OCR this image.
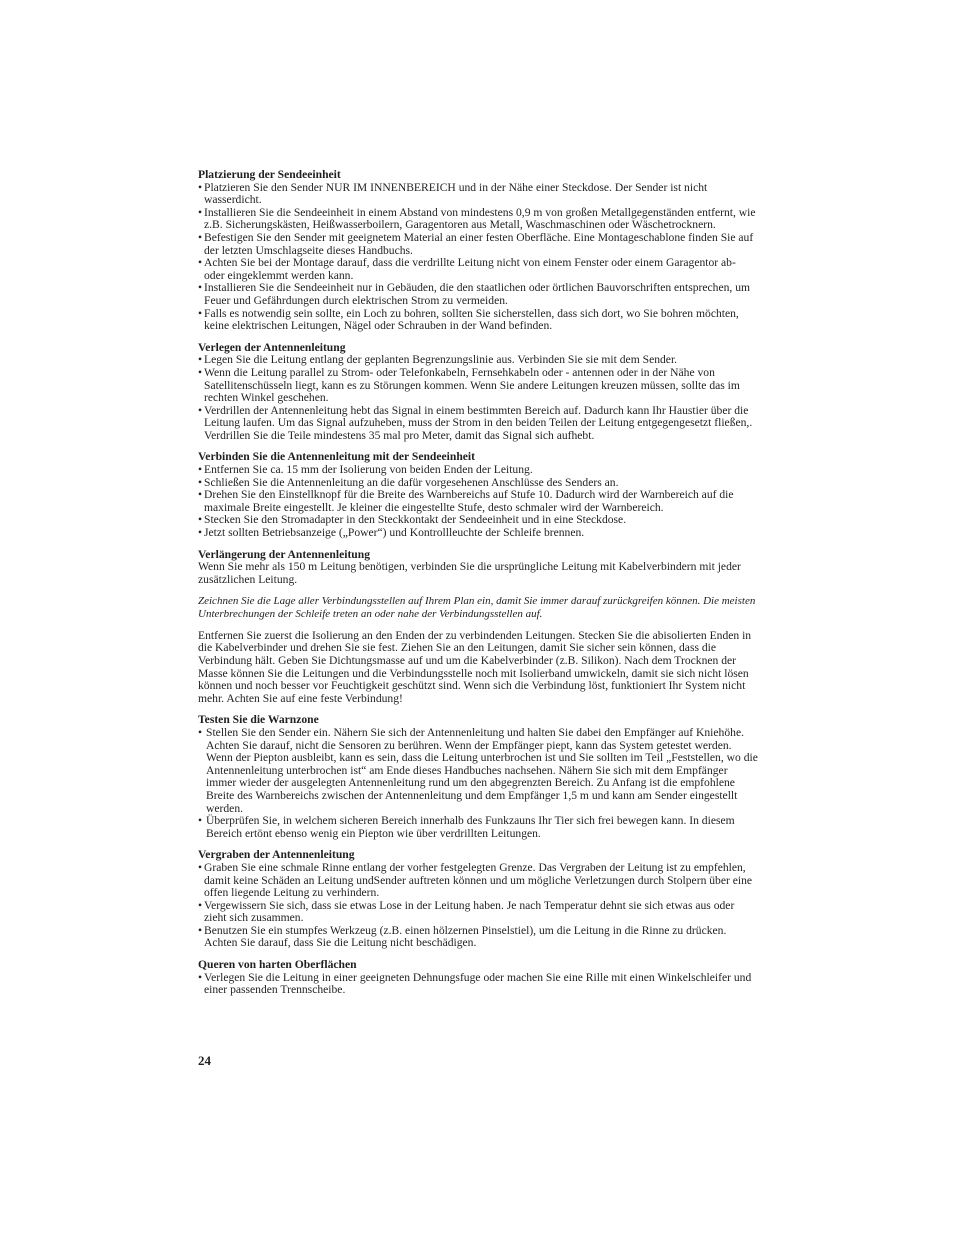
Platzierung der Sendeeinheit
• Platzieren Sie den Sender NUR IM INNENBEREICH und in der Nähe einer Steckdose. Der Sender ist nicht wasserdicht.
• Installieren Sie die Sendeeinheit in einem Abstand von mindestens 0,9 m von großen Metallgegenständen entfernt, wie z.B. Sicherungskästen, Heißwasserboilern, Garagentoren aus Metall, Waschmaschinen oder Wäschetrocknern.
• Befestigen Sie den Sender mit geeignetem Material an einer festen Oberfläche. Eine Montageschablone finden Sie auf der letzten Umschlagseite dieses Handbuchs.
• Achten Sie bei der Montage darauf, dass die verdrillte Leitung nicht von einem Fenster oder einem Garagentor ab- oder eingeklemmt werden kann.
• Installieren Sie die Sendeeinheit nur in Gebäuden, die den staatlichen oder örtlichen Bauvorschriften entsprechen, um Feuer und Gefährdungen durch elektrischen Strom zu vermeiden.
• Falls es notwendig sein sollte, ein Loch zu bohren, sollten Sie sicherstellen, dass sich dort, wo Sie bohren möchten, keine elektrischen Leitungen, Nägel oder Schrauben in der Wand befinden.
Verlegen der Antennenleitung
• Legen Sie die Leitung entlang der geplanten Begrenzungslinie aus. Verbinden Sie sie mit dem Sender.
• Wenn die Leitung parallel zu Strom- oder Telefonkabeln, Fernsehkabeln oder - antennen oder in der Nähe von Satellitenschüsseln liegt, kann es zu Störungen kommen. Wenn Sie andere Leitungen kreuzen müssen, sollte das im rechten Winkel geschehen.
• Verdrillen der Antennenleitung hebt das Signal in einem bestimmten Bereich auf. Dadurch kann Ihr Haustier über die Leitung laufen. Um das Signal aufzuheben, muss der Strom in den beiden Teilen der Leitung entgegengesetzt fließen,. Verdrillen Sie die Teile mindestens 35 mal pro Meter, damit das Signal sich aufhebt.
Verbinden Sie die Antennenleitung mit der Sendeeinheit
• Entfernen Sie ca. 15 mm der Isolierung von beiden Enden der Leitung.
• Schließen Sie die Antennenleitung an die dafür vorgesehenen Anschlüsse des Senders an.
• Drehen Sie den Einstellknopf für die Breite des Warnbereichs auf Stufe 10. Dadurch wird der Warnbereich auf die maximale Breite eingestellt. Je kleiner die eingestellte Stufe, desto schmaler wird der Warnbereich.
• Stecken Sie den Stromadapter in den Steckkontakt der Sendeeinheit und in eine Steckdose.
• Jetzt sollten Betriebsanzeige („Power“) und Kontrollleuchte der Schleife brennen.
Verlängerung der Antennenleitung

Wenn Sie mehr als 150 m Leitung benötigen, verbinden Sie die ursprüngliche Leitung mit Kabelverbindern mit jeder zusätzlichen Leitung.

Zeichnen Sie die Lage aller Verbindungsstellen auf Ihrem Plan ein, damit Sie immer darauf zurückgreifen können. Die meisten Unterbrechungen der Schleife treten an oder nahe der Verbindungsstellen auf.

Entfernen Sie zuerst die Isolierung an den Enden der zu verbindenden Leitungen. Stecken Sie die abisolierten Enden in die Kabelverbinder und drehen Sie sie fest. Ziehen Sie an den Leitungen, damit Sie sicher sein können, dass die Verbindung hält. Geben Sie Dichtungsmasse auf und um die Kabelverbinder (z.B. Silikon). Nach dem Trocknen der Masse können Sie die Leitungen und die Verbindungsstelle noch mit Isolierband umwickeln, damit sie sich nicht lösen können und noch besser vor Feuchtigkeit geschützt sind. Wenn sich die Verbindung löst, funktioniert Ihr System nicht mehr. Achten Sie auf eine feste Verbindung!

Testen Sie die Warnzone
• Stellen Sie den Sender ein. Nähern Sie sich der Antennenleitung und halten Sie dabei den Empfänger auf Kniehöhe. Achten Sie darauf, nicht die Sensoren zu berühren. Wenn der Empfänger piept, kann das System getestet werden. Wenn der Piepton ausbleibt, kann es sein, dass die Leitung unterbrochen ist und Sie sollten im Teil „Feststellen, wo die Antennenleitung unterbrochen ist“ am Ende dieses Handbuches nachsehen. Nähern Sie sich mit dem Empfänger immer wieder der ausgelegten Antennenleitung rund um den abgegrenzten Bereich. Zu Anfang ist die empfohlene Breite des Warnbereichs zwischen der Antennenleitung und dem Empfänger 1,5 m und kann am Sender eingestellt werden.
• Überprüfen Sie, in welchem sicheren Bereich innerhalb des Funkzauns Ihr Tier sich frei bewegen kann. In diesem Bereich ertönt ebenso wenig ein Piepton wie über verdrillten Leitungen.
Vergraben der Antennenleitung
• Graben Sie eine schmale Rinne entlang der vorher festgelegten Grenze. Das Vergraben der Leitung ist zu empfehlen, damit keine Schäden an Leitung undSender auftreten können und um mögliche Verletzungen durch Stolpern über eine offen liegende Leitung zu verhindern.
• Vergewissern Sie sich, dass sie etwas Lose in der Leitung haben. Je nach Temperatur dehnt sie sich etwas aus oder zieht sich zusammen.
• Benutzen Sie ein stumpfes Werkzeug (z.B. einen hölzernen Pinselstiel), um die Leitung in die Rinne zu drücken. Achten Sie darauf, dass Sie die Leitung nicht beschädigen.
Queren von harten Oberflächen
• Verlegen Sie die Leitung in einer geeigneten Dehnungsfuge oder machen Sie eine Rille mit einen Winkelschleifer und einer passenden Trennscheibe.
24
